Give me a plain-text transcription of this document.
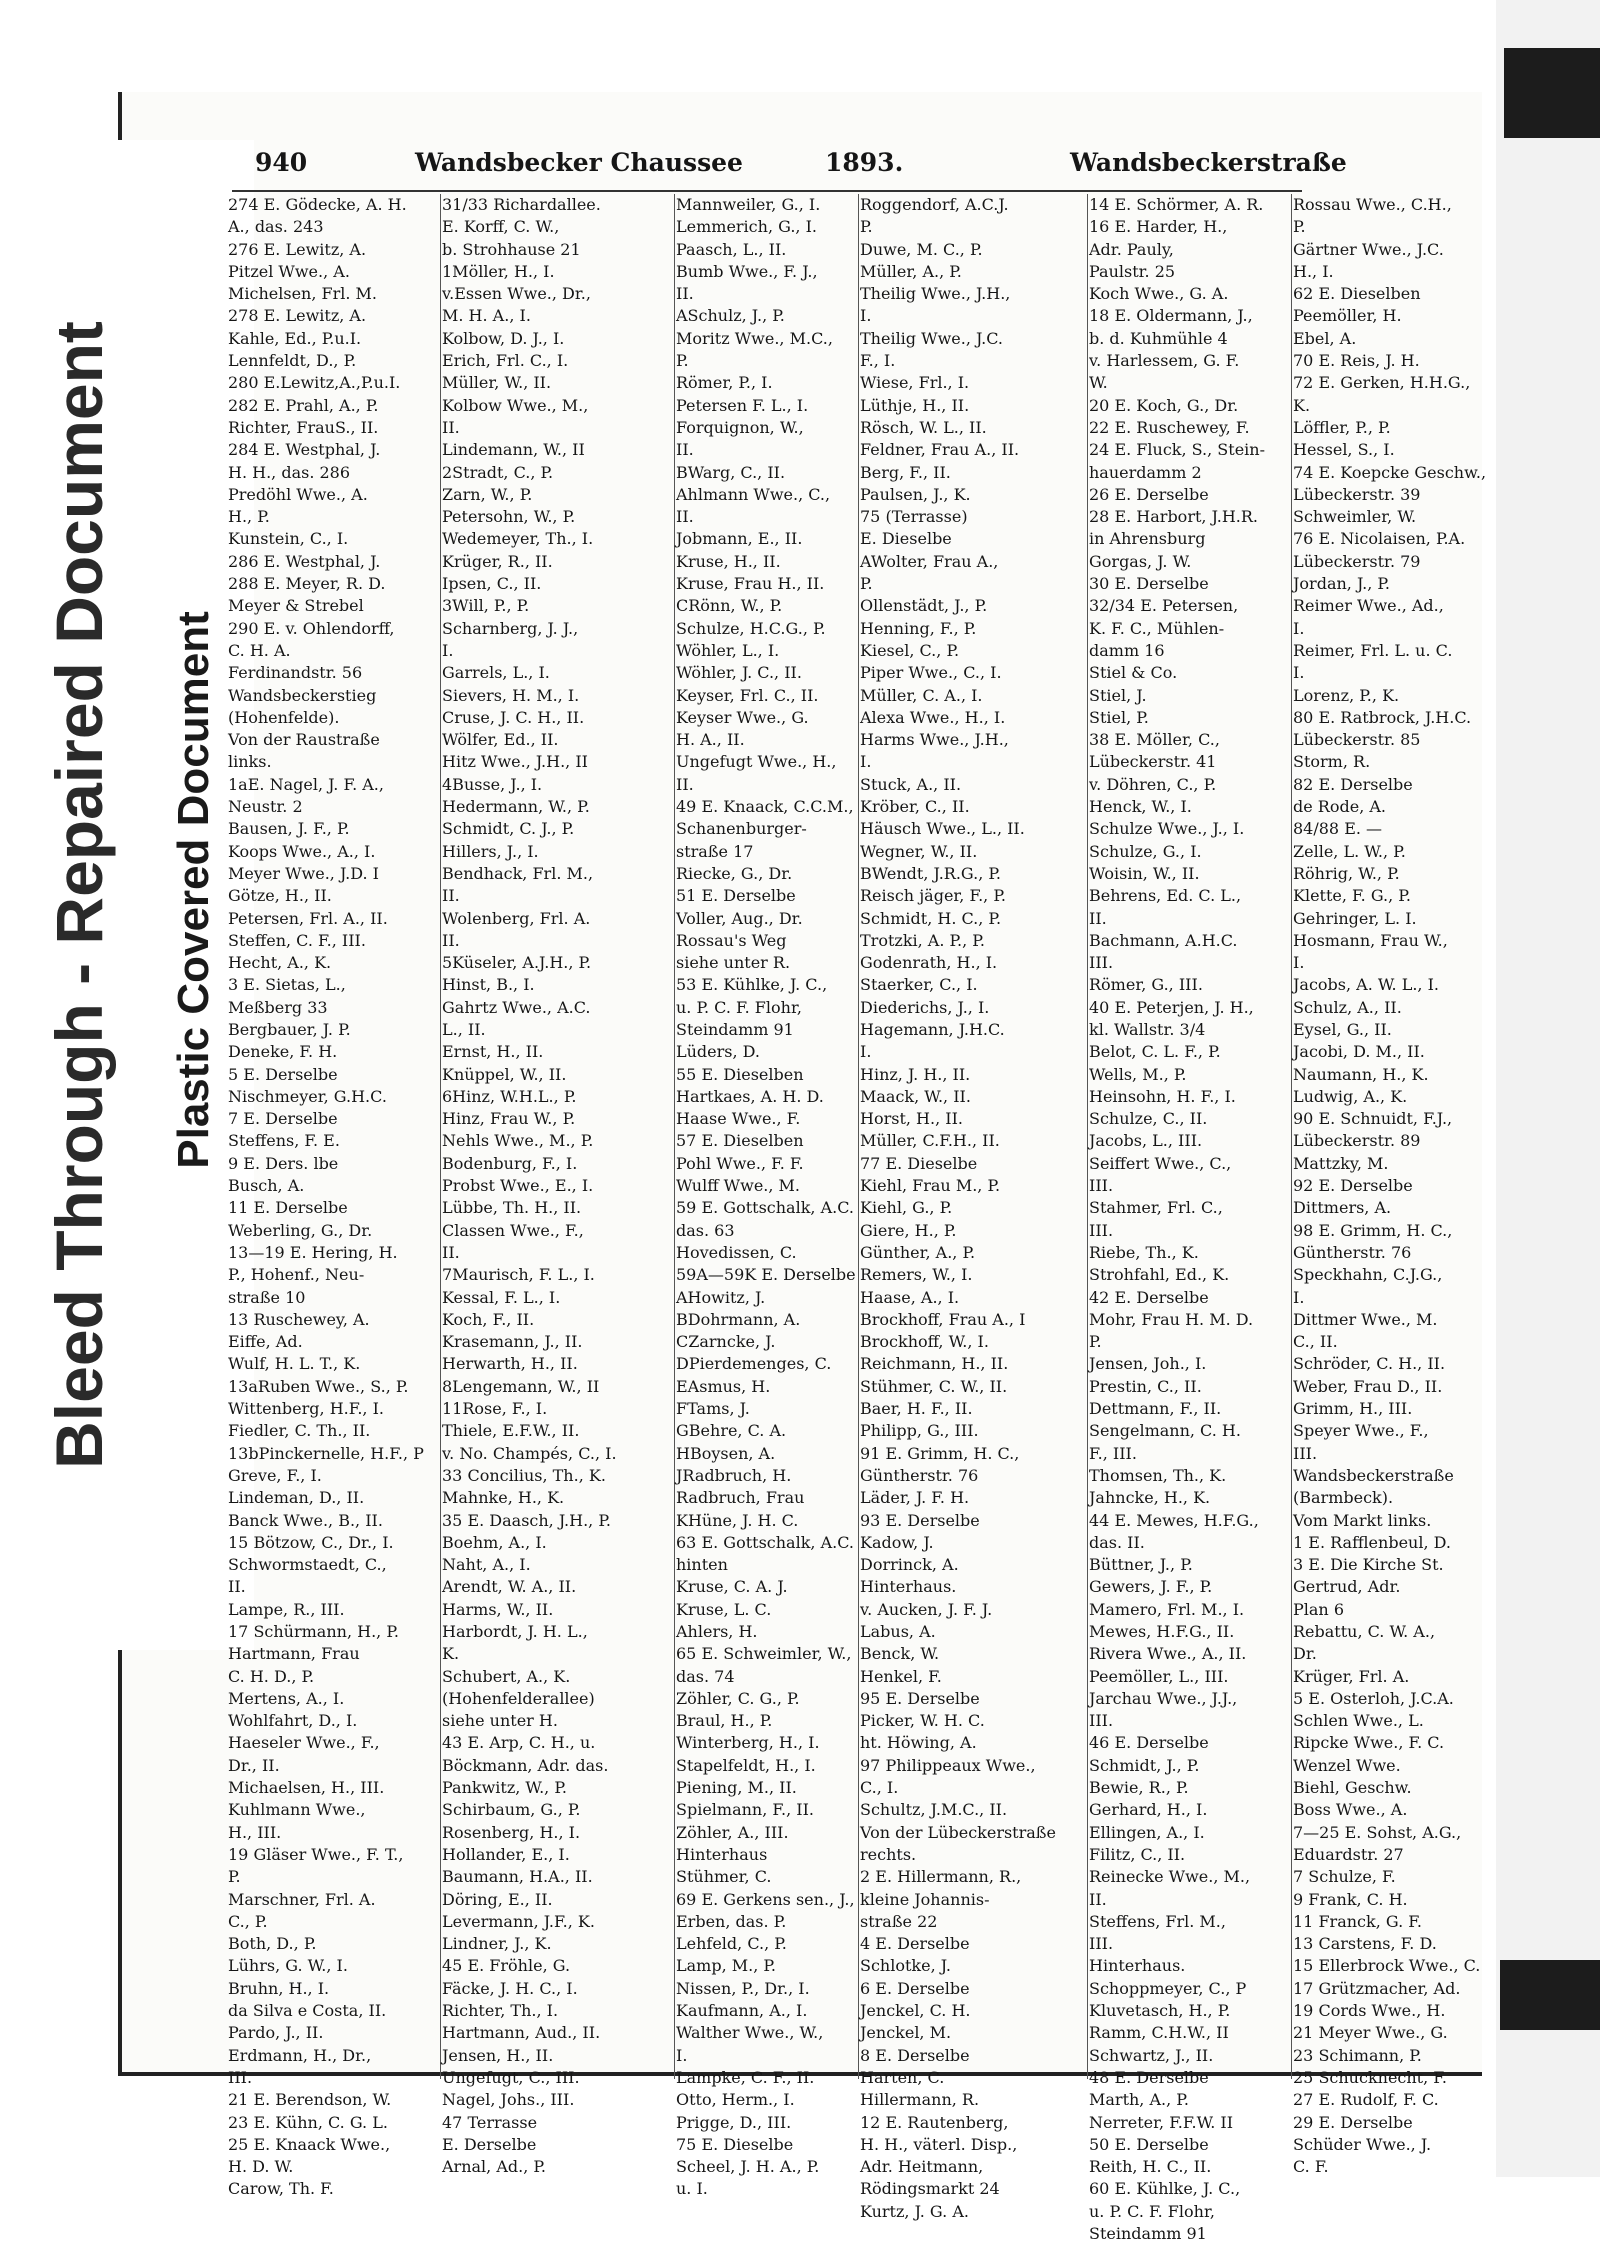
Bleed Through - Repaired Document	Plastic Covered Document
940	Wandsbecker Chaussee	1893.	Wandsbeckerstraße
274 E. Gödecke, A. H.
A., das. 243
276 E. Lewitz, A.
Pitzel Wwe., A.
Michelsen, Frl. M.
278 E. Lewitz, A.
Kahle, Ed., P.u.I.
Lennfeldt, D., P.
280 E.Lewitz,A.,P.u.I.
282 E. Prahl, A., P.
Richter, FrauS., II.
284 E. Westphal, J.
H. H., das. 286
Predöhl Wwe., A.
H., P.
Kunstein, C., I.
286 E. Westphal, J.
288 E. Meyer, R. D.
Meyer & Strebel
290 E. v. Ohlendorff,
C. H. A.
Ferdinandstr. 56
Wandsbeckerstieg
(Hohenfelde).
Von der Raustraße
links.
1aE. Nagel, J. F. A.,
Neustr. 2
Bausen, J. F., P.
Koops Wwe., A., I.
Meyer Wwe., J.D. I
Götze, H., II.
Petersen, Frl. A., II.
Steffen, C. F., III.
Hecht, A., K.
3 E. Sietas, L.,
Meßberg 33
Bergbauer, J. P.
Deneke, F. H.
5 E. Derselbe
Nischmeyer, G.H.C.
7 E. Derselbe
Steffens, F. E.
9 E. Ders. lbe
Busch, A.
11 E. Derselbe
Weberling, G., Dr.
13—19 E. Hering, H.
P., Hohenf., Neu-
straße 10
13 Ruschewey, A.
Eiffe, Ad.
Wulf, H. L. T., K.
13aRuben Wwe., S., P.
Wittenberg, H.F., I.
Fiedler, C. Th., II.
13bPinckernelle, H.F., P
Greve, F., I.
Lindeman, D., II.
Banck Wwe., B., II.
15 Bötzow, C., Dr., I.
Schwormstaedt, C.,
II.
Lampe, R., III.
17 Schürmann, H., P.
Hartmann, Frau
C. H. D., P.
Mertens, A., I.
Wohlfahrt, D., I.
Haeseler Wwe., F.,
Dr., II.
Michaelsen, H., III.
Kuhlmann Wwe.,
H., III.
19 Gläser Wwe., F. T.,
P.
Marschner, Frl. A.
C., P.
Both, D., P.
Lührs, G. W., I.
Bruhn, H., I.
da Silva e Costa, II.
Pardo, J., II.
Erdmann, H., Dr.,
III.
21 E. Berendson, W.
23 E. Kühn, C. G. L.
25 E. Knaack Wwe.,
H. D. W.
Carow, Th. F.
31/33 Richardallee.
E. Korff, C. W.,
b. Strohhause 21
1Möller, H., I.
v.Essen Wwe., Dr.,
M. H. A., I.
Kolbow, D. J., I.
Erich, Frl. C., I.
Müller, W., II.
Kolbow Wwe., M.,
II.
Lindemann, W., II
2Stradt, C., P.
Zarn, W., P.
Petersohn, W., P.
Wedemeyer, Th., I.
Krüger, R., II.
Ipsen, C., II.
3Will, P., P.
Scharnberg, J. J.,
I.
Garrels, L., I.
Sievers, H. M., I.
Cruse, J. C. H., II.
Wölfer, Ed., II.
Hitz Wwe., J.H., II
4Busse, J., I.
Hedermann, W., P.
Schmidt, C. J., P.
Hillers, J., I.
Bendhack, Frl. M.,
II.
Wolenberg, Frl. A.
II.
5Küseler, A.J.H., P.
Hinst, B., I.
Gahrtz Wwe., A.C.
L., II.
Ernst, H., II.
Knüppel, W., II.
6Hinz, W.H.L., P.
Hinz, Frau W., P.
Nehls Wwe., M., P.
Bodenburg, F., I.
Probst Wwe., E., I.
Lübbe, Th. H., II.
Classen Wwe., F.,
II.
7Maurisch, F. L., I.
Kessal, F. L., I.
Koch, F., II.
Krasemann, J., II.
Herwarth, H., II.
8Lengemann, W., II
11Rose, F., I.
Thiele, E.F.W., II.
v. No. Champés, C., I.
33 Concilius, Th., K.
Mahnke, H., K.
35 E. Daasch, J.H., P.
Boehm, A., I.
Naht, A., I.
Arendt, W. A., II.
Harms, W., II.
Harbordt, J. H. L.,
K.
Schubert, A., K.
(Hohenfelderallee)
siehe unter H.
43 E. Arp, C. H., u.
Böckmann, Adr. das.
Pankwitz, W., P.
Schirbaum, G., P.
Rosenberg, H., I.
Hollander, E., I.
Baumann, H.A., II.
Döring, E., II.
Levermann, J.F., K.
Lindner, J., K.
45 E. Fröhle, G.
Fäcke, J. H. C., I.
Richter, Th., I.
Hartmann, Aud., II.
Jensen, H., II.
Ungefugt, C., III.
Nagel, Johs., III.
47 Terrasse
E. Derselbe
Arnal, Ad., P.
Mannweiler, G., I.
Lemmerich, G., I.
Paasch, L., II.
Bumb Wwe., F. J.,
II.
ASchulz, J., P.
Moritz Wwe., M.C.,
P.
Römer, P., I.
Petersen F. L., I.
Forquignon, W.,
II.
BWarg, C., II.
Ahlmann Wwe., C.,
II.
Jobmann, E., II.
Kruse, H., II.
Kruse, Frau H., II.
CRönn, W., P.
Schulze, H.C.G., P.
Wöhler, L., I.
Wöhler, J. C., II.
Keyser, Frl. C., II.
Keyser Wwe., G.
H. A., II.
Ungefugt Wwe., H.,
II.
49 E. Knaack, C.C.M.,
Schanenburger-
straße 17
Riecke, G., Dr.
51 E. Derselbe
Voller, Aug., Dr.
Rossau's Weg
siehe unter R.
53 E. Kühlke, J. C.,
u. P. C. F. Flohr,
Steindamm 91
Lüders, D.
55 E. Dieselben
Hartkaes, A. H. D.
Haase Wwe., F.
57 E. Dieselben
Pohl Wwe., F. F.
Wulff Wwe., M.
59 E. Gottschalk, A.C.
das. 63
Hovedissen, C.
59A—59K E. Derselbe
AHowitz, J.
BDohrmann, A.
CZarncke, J.
DPierdemenges, C.
EAsmus, H.
FTams, J.
GBehre, C. A.
HBoysen, A.
JRadbruch, H.
Radbruch, Frau
KHüne, J. H. C.
63 E. Gottschalk, A.C.
hinten
Kruse, C. A. J.
Kruse, L. C.
Ahlers, H.
65 E. Schweimler, W.,
das. 74
Zöhler, C. G., P.
Braul, H., P.
Winterberg, H., I.
Stapelfeldt, H., I.
Piening, M., II.
Spielmann, F., II.
Zöhler, A., III.
Hinterhaus
Stühmer, C.
69 E. Gerkens sen., J.,
Erben, das. P.
Lehfeld, C., P.
Lamp, M., P.
Nissen, P., Dr., I.
Kaufmann, A., I.
Walther Wwe., W.,
I.
Lampke, C. F., II.
Otto, Herm., I.
Prigge, D., III.
75 E. Dieselbe
Scheel, J. H. A., P.
u. I.
Roggendorf, A.C.J.
P.
Duwe, M. C., P.
Müller, A., P.
Theilig Wwe., J.H.,
I.
Theilig Wwe., J.C.
F., I.
Wiese, Frl., I.
Lüthje, H., II.
Rösch, W. L., II.
Feldner, Frau A., II.
Berg, F., II.
Paulsen, J., K.
75 (Terrasse)
E. Dieselbe
AWolter, Frau A.,
P.
Ollenstädt, J., P.
Henning, F., P.
Kiesel, C., P.
Piper Wwe., C., I.
Müller, C. A., I.
Alexa Wwe., H., I.
Harms Wwe., J.H.,
I.
Stuck, A., II.
Kröber, C., II.
Häusch Wwe., L., II.
Wegner, W., II.
BWendt, J.R.G., P.
Reisch jäger, F., P.
Schmidt, H. C., P.
Trotzki, A. P., P.
Godenrath, H., I.
Staerker, C., I.
Diederichs, J., I.
Hagemann, J.H.C.
I.
Hinz, J. H., II.
Maack, W., II.
Horst, H., II.
Müller, C.F.H., II.
77 E. Dieselbe
Kiehl, Frau M., P.
Kiehl, G., P.
Giere, H., P.
Günther, A., P.
Remers, W., I.
Haase, A., I.
Brockhoff, Frau A., I
Brockhoff, W., I.
Reichmann, H., II.
Stühmer, C. W., II.
Baer, H. F., II.
Philipp, G., III.
91 E. Grimm, H. C.,
Güntherstr. 76
Läder, J. F. H.
93 E. Derselbe
Kadow, J.
Dorrinck, A.
Hinterhaus.
v. Aucken, J. F. J.
Labus, A.
Benck, W.
Henkel, F.
95 E. Derselbe
Picker, W. H. C.
ht. Höwing, A.
97 Philippeaux Wwe.,
C., I.
Schultz, J.M.C., II.
Von der Lübeckerstraße
rechts.
2 E. Hillermann, R.,
kleine Johannis-
straße 22
4 E. Derselbe
Schlotke, J.
6 E. Derselbe
Jenckel, C. H.
Jenckel, M.
8 E. Derselbe
Harten, C.
Hillermann, R.
12 E. Rautenberg,
H. H., väterl. Disp.,
Adr. Heitmann,
Rödingsmarkt 24
Kurtz, J. G. A.
14 E. Schörmer, A. R.
16 E. Harder, H.,
Adr. Pauly,
Paulstr. 25
Koch Wwe., G. A.
18 E. Oldermann, J.,
b. d. Kuhmühle 4
v. Harlessem, G. F.
W.
20 E. Koch, G., Dr.
22 E. Ruschewey, F.
24 E. Fluck, S., Stein-
hauerdamm 2
26 E. Derselbe
28 E. Harbort, J.H.R.
in Ahrensburg
Gorgas, J. W.
30 E. Derselbe
32/34 E. Petersen,
K. F. C., Mühlen-
damm 16
Stiel & Co.
Stiel, J.
Stiel, P.
38 E. Möller, C.,
Lübeckerstr. 41
v. Döhren, C., P.
Henck, W., I.
Schulze Wwe., J., I.
Schulze, G., I.
Woisin, W., II.
Behrens, Ed. C. L.,
II.
Bachmann, A.H.C.
III.
Römer, G., III.
40 E. Peterjen, J. H.,
kl. Wallstr. 3/4
Belot, C. L. F., P.
Wells, M., P.
Heinsohn, H. F., I.
Schulze, C., II.
Jacobs, L., III.
Seiffert Wwe., C.,
III.
Stahmer, Frl. C.,
III.
Riebe, Th., K.
Strohfahl, Ed., K.
42 E. Derselbe
Mohr, Frau H. M. D.
P.
Jensen, Joh., I.
Prestin, C., II.
Dettmann, F., II.
Sengelmann, C. H.
F., III.
Thomsen, Th., K.
Jahncke, H., K.
44 E. Mewes, H.F.G.,
das. II.
Büttner, J., P.
Gewers, J. F., P.
Mamero, Frl. M., I.
Mewes, H.F.G., II.
Rivera Wwe., A., II.
Peemöller, L., III.
Jarchau Wwe., J.J.,
III.
46 E. Derselbe
Schmidt, J., P.
Bewie, R., P.
Gerhard, H., I.
Ellingen, A., I.
Filitz, C., II.
Reinecke Wwe., M.,
II.
Steffens, Frl. M.,
III.
Hinterhaus.
Schoppmeyer, C., P
Kluvetasch, H., P.
Ramm, C.H.W., II
Schwartz, J., II.
48 E. Derselbe
Marth, A., P.
Nerreter, F.F.W. II
50 E. Derselbe
Reith, H. C., II.
60 E. Kühlke, J. C.,
u. P. C. F. Flohr,
Steindamm 91
Rossau Wwe., C.H.,
P.
Gärtner Wwe., J.C.
H., I.
62 E. Dieselben
Peemöller, H.
Ebel, A.
70 E. Reis, J. H.
72 E. Gerken, H.H.G.,
K.
Löffler, P., P.
Hessel, S., I.
74 E. Koepcke Geschw.,
Lübeckerstr. 39
Schweimler, W.
76 E. Nicolaisen, P.A.
Lübeckerstr. 79
Jordan, J., P.
Reimer Wwe., Ad.,
I.
Reimer, Frl. L. u. C.
I.
Lorenz, P., K.
80 E. Ratbrock, J.H.C.
Lübeckerstr. 85
Storm, R.
82 E. Derselbe
de Rode, A.
84/88 E. —
Zelle, L. W., P.
Röhrig, W., P.
Klette, F. G., P.
Gehringer, L. I.
Hosmann, Frau W.,
I.
Jacobs, A. W. L., I.
Schulz, A., II.
Eysel, G., II.
Jacobi, D. M., II.
Naumann, H., K.
Ludwig, A., K.
90 E. Schnuidt, F.J.,
Lübeckerstr. 89
Mattzky, M.
92 E. Derselbe
Dittmers, A.
98 E. Grimm, H. C.,
Güntherstr. 76
Speckhahn, C.J.G.,
I.
Dittmer Wwe., M.
C., II.
Schröder, C. H., II.
Weber, Frau D., II.
Grimm, H., III.
Speyer Wwe., F.,
III.
Wandsbeckerstraße
(Barmbeck).
Vom Markt links.
1 E. Rafflenbeul, D.
3 E. Die Kirche St.
Gertrud, Adr.
Plan 6
Rebattu, C. W. A.,
Dr.
Krüger, Frl. A.
5 E. Osterloh, J.C.A.
Schlen Wwe., L.
Ripcke Wwe., F. C.
Wenzel Wwe.
Biehl, Geschw.
Boss Wwe., A.
7—25 E. Sohst, A.G.,
Eduardstr. 27
7 Schulze, F.
9 Frank, C. H.
11 Franck, G. F.
13 Carstens, F. D.
15 Ellerbrock Wwe., C.
17 Grützmacher, Ad.
19 Cords Wwe., H.
21 Meyer Wwe., G.
23 Schimann, P.
25 Schucknecht, F.
27 E. Rudolf, F. C.
29 E. Derselbe
Schüder Wwe., J.
C. F.
